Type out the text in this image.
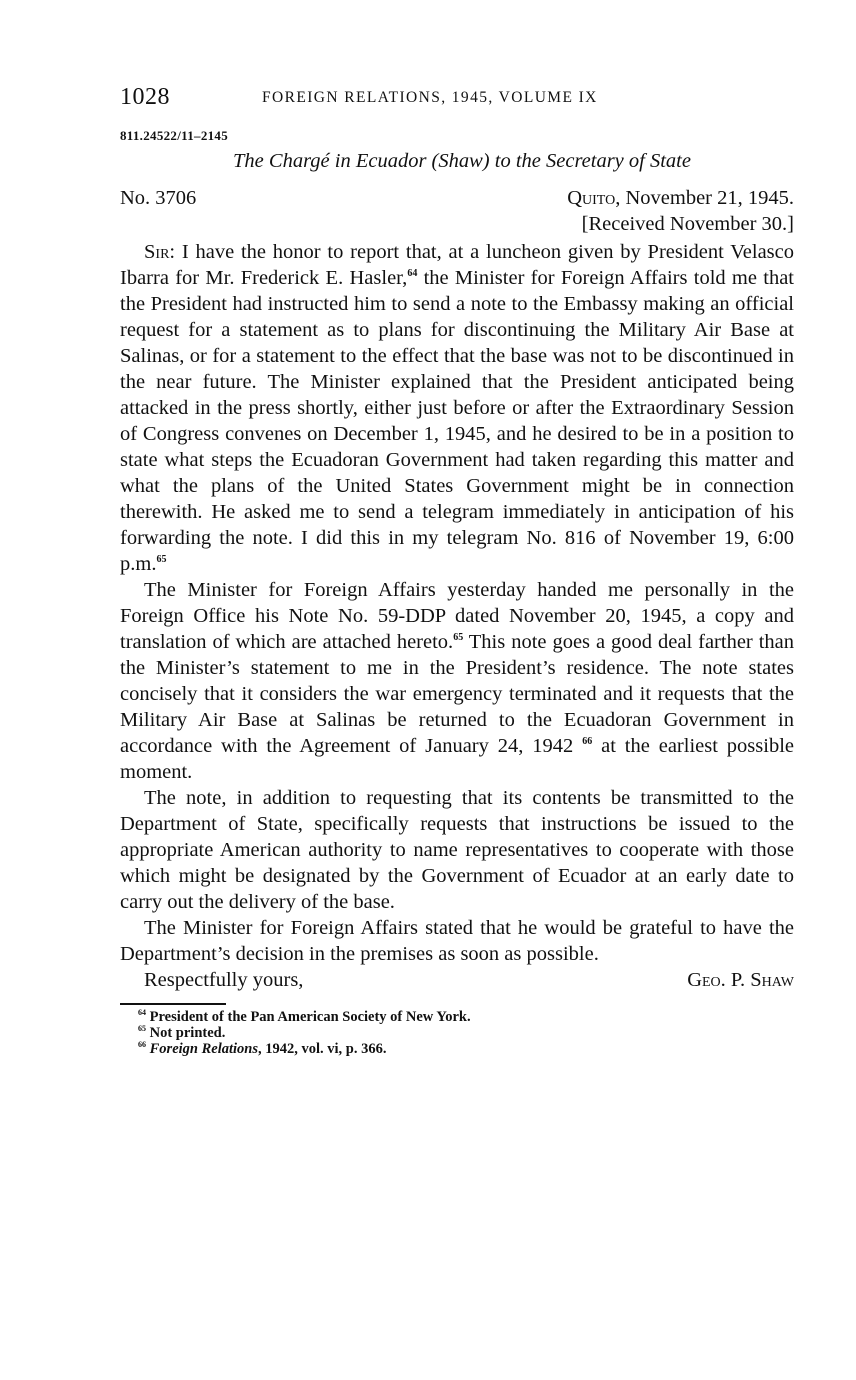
1028	FOREIGN RELATIONS, 1945, VOLUME IX
811.24522/11–2145
The Chargé in Ecuador (Shaw) to the Secretary of State
No. 3706	Quito, November 21, 1945.
[Received November 30.]

Sir: I have the honor to report that, at a luncheon given by President Velasco Ibarra for Mr. Frederick E. Hasler,$^{64}$ the Minister for Foreign Affairs told me that the President had instructed him to send a note to the Embassy making an official request for a statement as to plans for discontinuing the Military Air Base at Salinas, or for a statement to the effect that the base was not to be discontinued in the near future. The Minister explained that the President anticipated being attacked in the press shortly, either just before or after the Extraordinary Session of Congress convenes on December 1, 1945, and he desired to be in a position to state what steps the Ecuadoran Government had taken regarding this matter and what the plans of the United States Government might be in connection therewith. He asked me to send a telegram immediately in anticipation of his forwarding the note. I did this in my telegram No. 816 of November 19, 6:00 p.m.$^{65}$

The Minister for Foreign Affairs yesterday handed me personally in the Foreign Office his Note No. 59-DDP dated November 20, 1945, a copy and translation of which are attached hereto.$^{65}$ This note goes a good deal farther than the Minister’s statement to me in the President’s residence. The note states concisely that it considers the war emergency terminated and it requests that the Military Air Base at Salinas be returned to the Ecuadoran Government in accordance with the Agreement of January 24, 1942 $^{66}$ at the earliest possible moment.

The note, in addition to requesting that its contents be transmitted to the Department of State, specifically requests that instructions be issued to the appropriate American authority to name representatives to cooperate with those which might be designated by the Government of Ecuador at an early date to carry out the delivery of the base.

The Minister for Foreign Affairs stated that he would be grateful to have the Department’s decision in the premises as soon as possible.

Respectfully yours,	Geo. P. Shaw
$^{64}$ President of the Pan American Society of New York.
$^{65}$ Not printed.
$^{66}$ Foreign Relations, 1942, vol. vi, p. 366.
